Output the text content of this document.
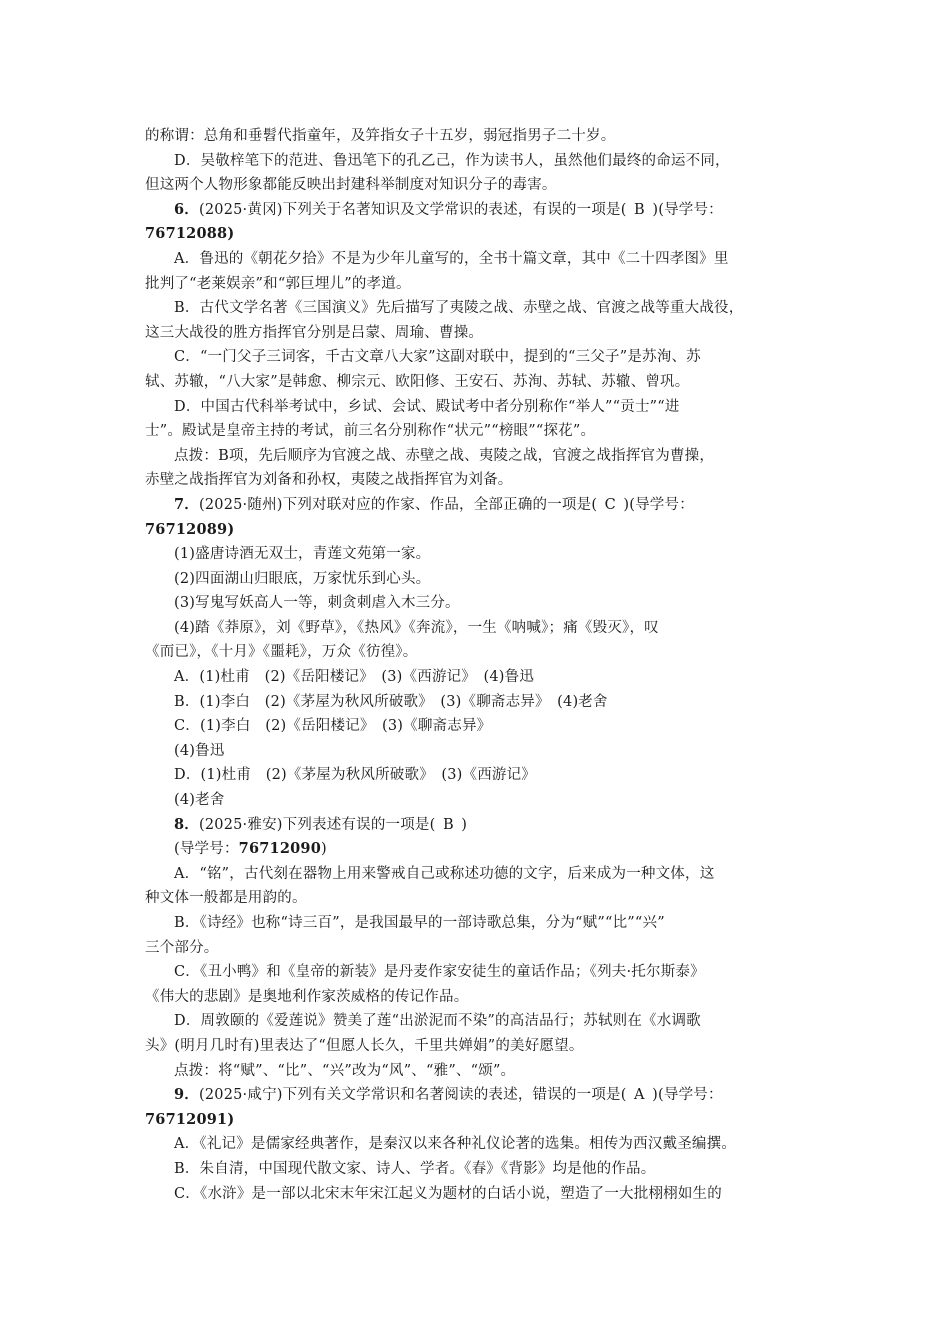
的称谓：总角和垂髫代指童年，及笄指女子十五岁，弱冠指男子二十岁。
D．吴敬梓笔下的范进、鲁迅笔下的孔乙己，作为读书人，虽然他们最终的命运不同，
但这两个人物形象都能反映出封建科举制度对知识分子的毒害。
6．(2025·黄冈)下列关于名著知识及文学常识的表述，有误的一项是(  B  )(导学号：
76712088)
A．鲁迅的《朝花夕拾》不是为少年儿童写的，全书十篇文章，其中《二十四孝图》里
批判了“老莱娱亲”和“郭巨埋儿”的孝道。
B．古代文学名著《三国演义》先后描写了夷陵之战、赤壁之战、官渡之战等重大战役，
这三大战役的胜方指挥官分别是吕蒙、周瑜、曹操。
C．“一门父子三词客，千古文章八大家”这副对联中，提到的“三父子”是苏洵、苏
轼、苏辙，“八大家”是韩愈、柳宗元、欧阳修、王安石、苏洵、苏轼、苏辙、曾巩。
D．中国古代科举考试中，乡试、会试、殿试考中者分别称作“举人”“贡士”“进
士”。殿试是皇帝主持的考试，前三名分别称作“状元”“榜眼”“探花”。
点拨：B项，先后顺序为官渡之战、赤壁之战、夷陵之战，官渡之战指挥官为曹操，
赤壁之战指挥官为刘备和孙权，夷陵之战指挥官为刘备。
7．(2025·随州)下列对联对应的作家、作品，全部正确的一项是(  C  )(导学号：
76712089)
(1)盛唐诗酒无双士，青莲文苑第一家。
(2)四面湖山归眼底，万家忧乐到心头。
(3)写鬼写妖高人一等，刺贪刺虐入木三分。
(4)踏《莽原》，刘《野草》，《热风》《奔流》，一生《呐喊》；痛《毁灭》，叹
《而已》，《十月》《噩耗》，万众《彷徨》。
A．(1)杜甫　(2)《岳阳楼记》　(3)《西游记》　(4)鲁迅
B．(1)李白　(2)《茅屋为秋风所破歌》　(3)《聊斋志异》　(4)老舍
C．(1)李白　(2)《岳阳楼记》　(3)《聊斋志异》
(4)鲁迅
D．(1)杜甫　(2)《茅屋为秋风所破歌》　(3)《西游记》
(4)老舍
8．(2025·雅安)下列表述有误的一项是(  B  )
(导学号：76712090)
A．“铭”，古代刻在器物上用来警戒自己或称述功德的文字，后来成为一种文体，这
种文体一般都是用韵的。
B．《诗经》也称“诗三百”，是我国最早的一部诗歌总集，分为“赋”“比”“兴”
三个部分。
C．《丑小鸭》和《皇帝的新装》是丹麦作家安徒生的童话作品；《列夫·托尔斯泰》
《伟大的悲剧》是奥地利作家茨威格的传记作品。
D．周敦颐的《爱莲说》赞美了莲“出淤泥而不染”的高洁品行；苏轼则在《水调歌
头》(明月几时有)里表达了“但愿人长久，千里共婵娟”的美好愿望。
点拨：将“赋”、“比”、“兴”改为“风”、“雅”、“颂”。
9．(2025·咸宁)下列有关文学常识和名著阅读的表述，错误的一项是(  A  )(导学号：
76712091)
A．《礼记》是儒家经典著作，是秦汉以来各种礼仪论著的选集。相传为西汉戴圣编撰。
B．朱自清，中国现代散文家、诗人、学者。《春》《背影》均是他的作品。
C．《水浒》是一部以北宋末年宋江起义为题材的白话小说，塑造了一大批栩栩如生的
